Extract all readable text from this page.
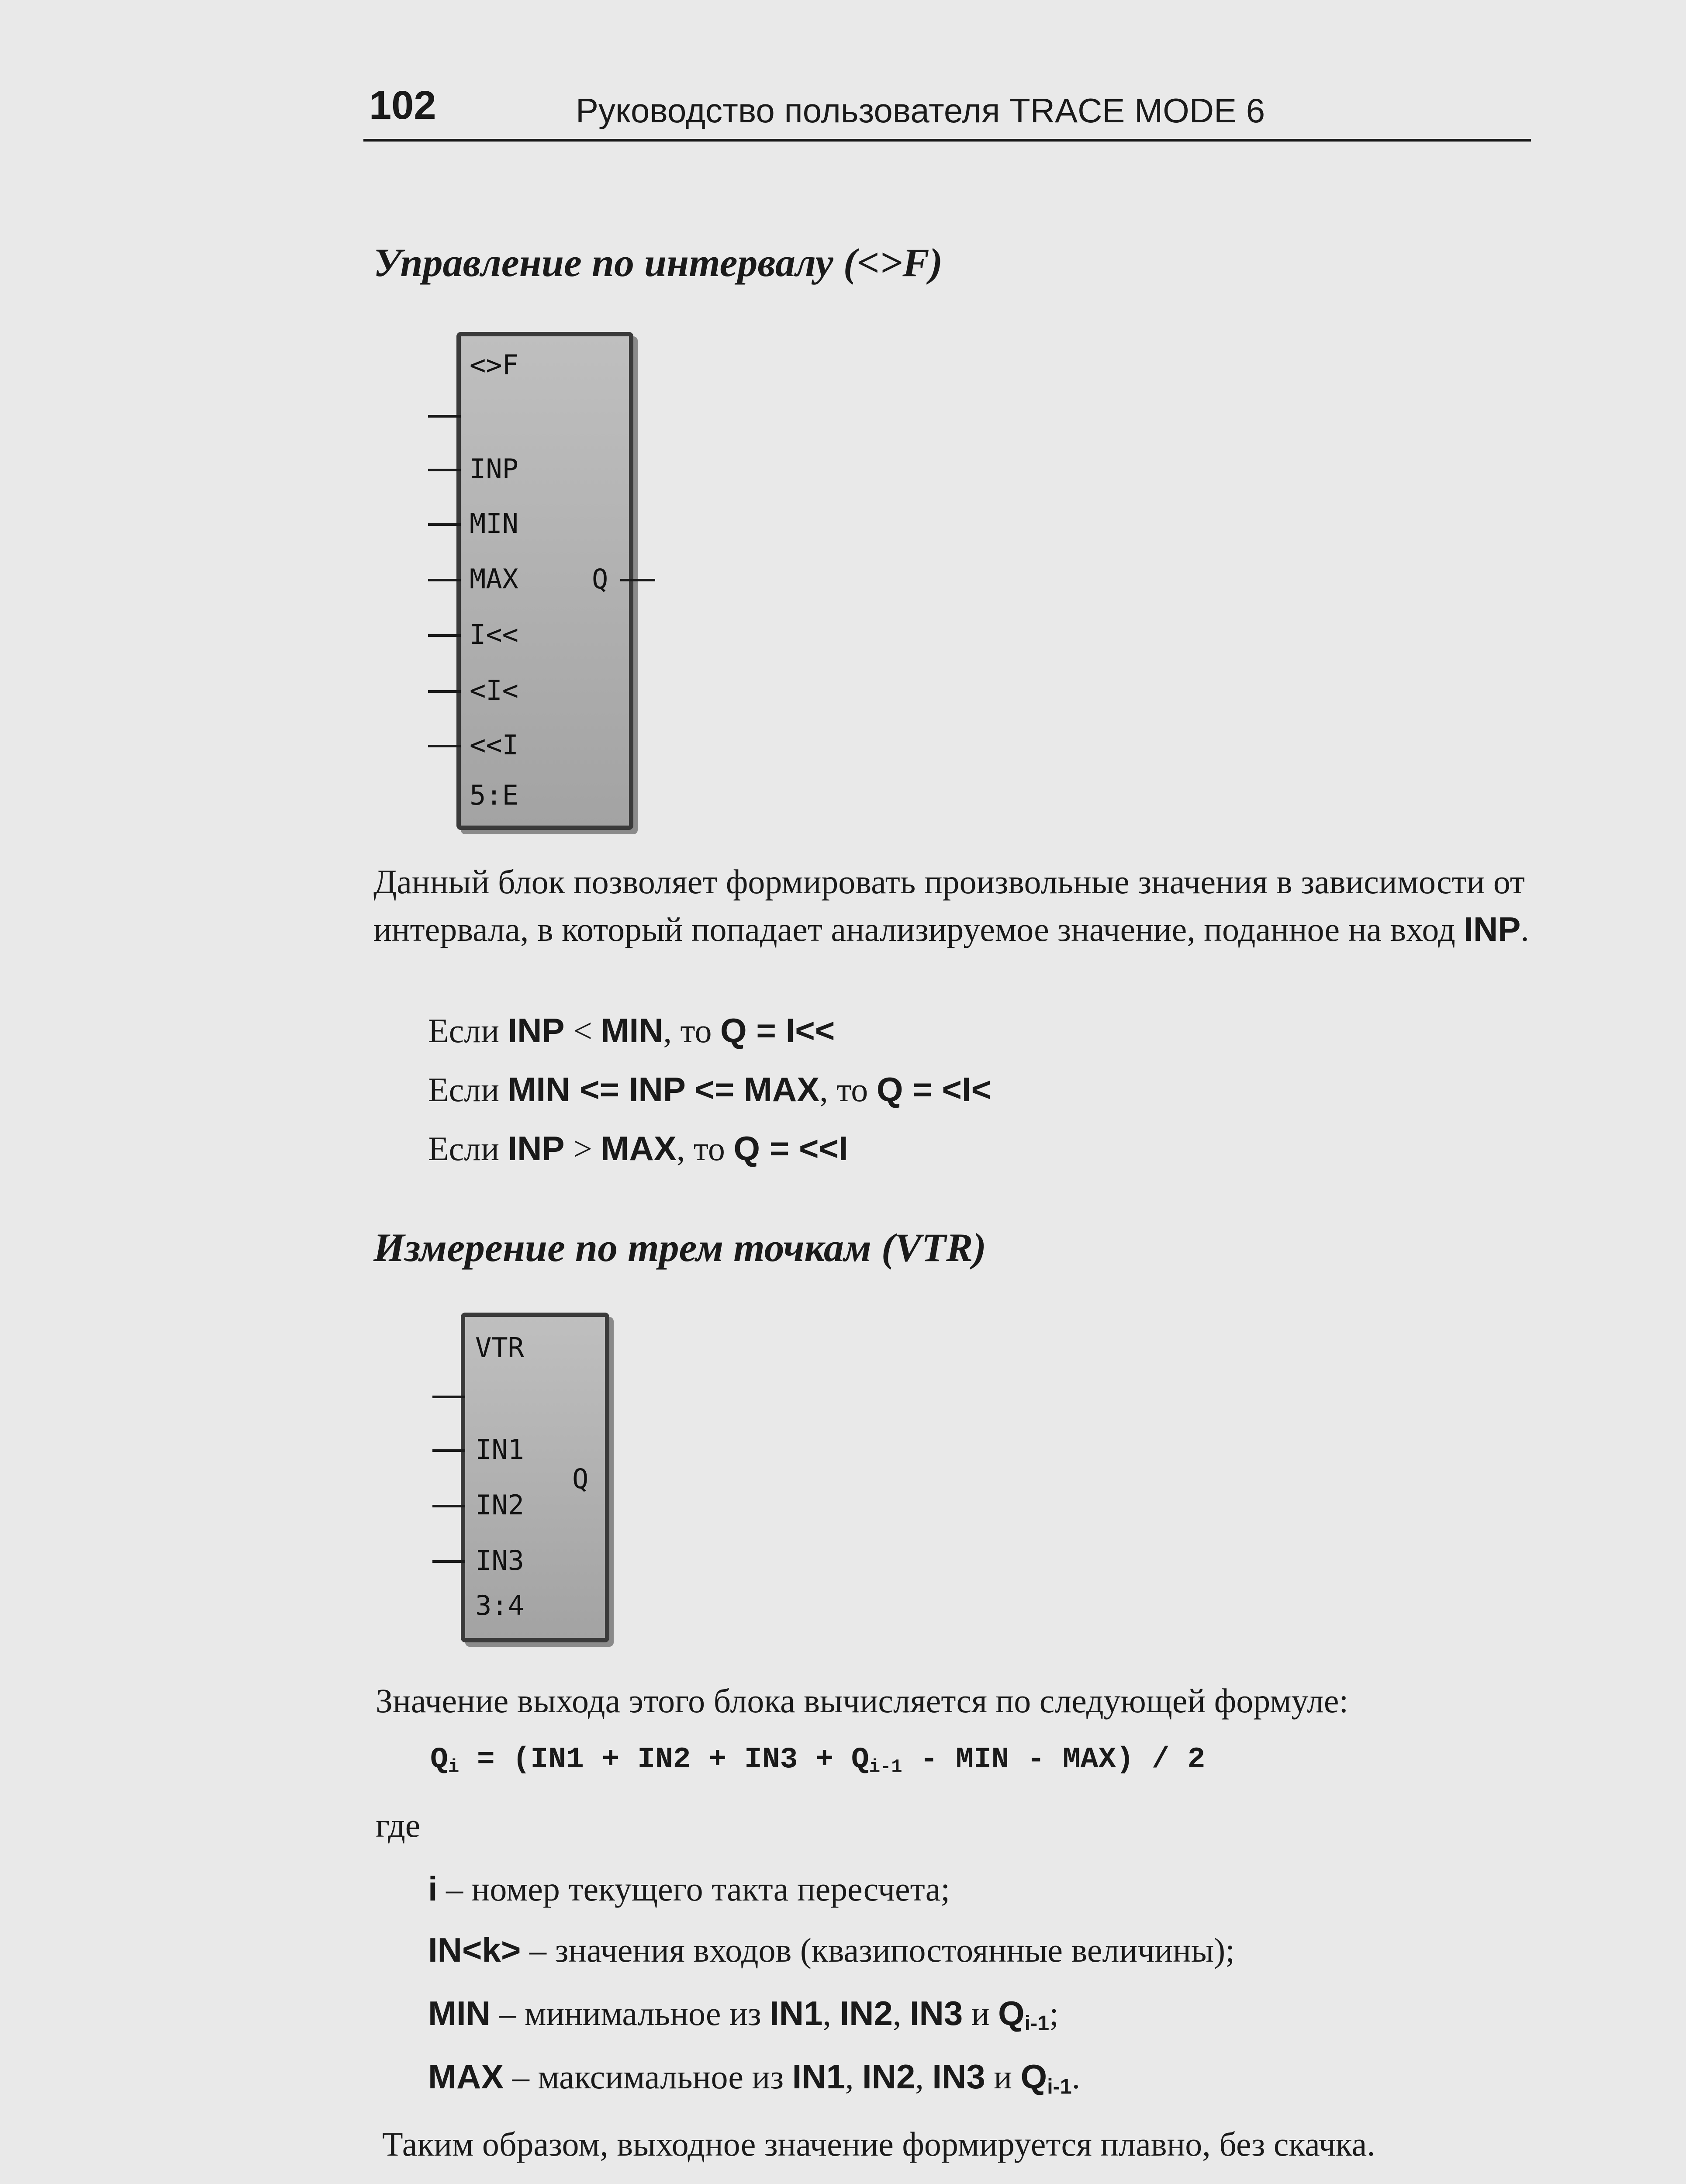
102	Руководство пользователя TRACE MODE 6
Управление по интервалу (<>F)
<>F
INP
MIN
MAX	Q
I<<
<I<
<<I
5:E

Данный блок позволяет формировать произвольные значения в зависимости от интервала, в который попадает анализируемое значение, поданное на вход INP.

Если INP < MIN, то Q = I<<
Если MIN <= INP <= MAX, то Q = <I<
Если INP > MAX, то Q = <<I
Измерение по трем точкам (VTR)
VTR
IN1
Q
IN2
IN3
3:4
Значение выхода этого блока вычисляется по следующей формуле:
$Q_i = (IN1 + IN2 + IN3 + Q_{i-1}$ - MIN - MAX) / 2
где
i – номер текущего такта пересчета;
IN<k> – значения входов (квазипостоянные величины);
MIN – минимальное из IN1, IN2, IN3 и $Q_{i-1}$;
MAX – максимальное из IN1, IN2, IN3 и $Q_{i-1}$.
Таким образом, выходное значение формируется плавно, без скачка.
